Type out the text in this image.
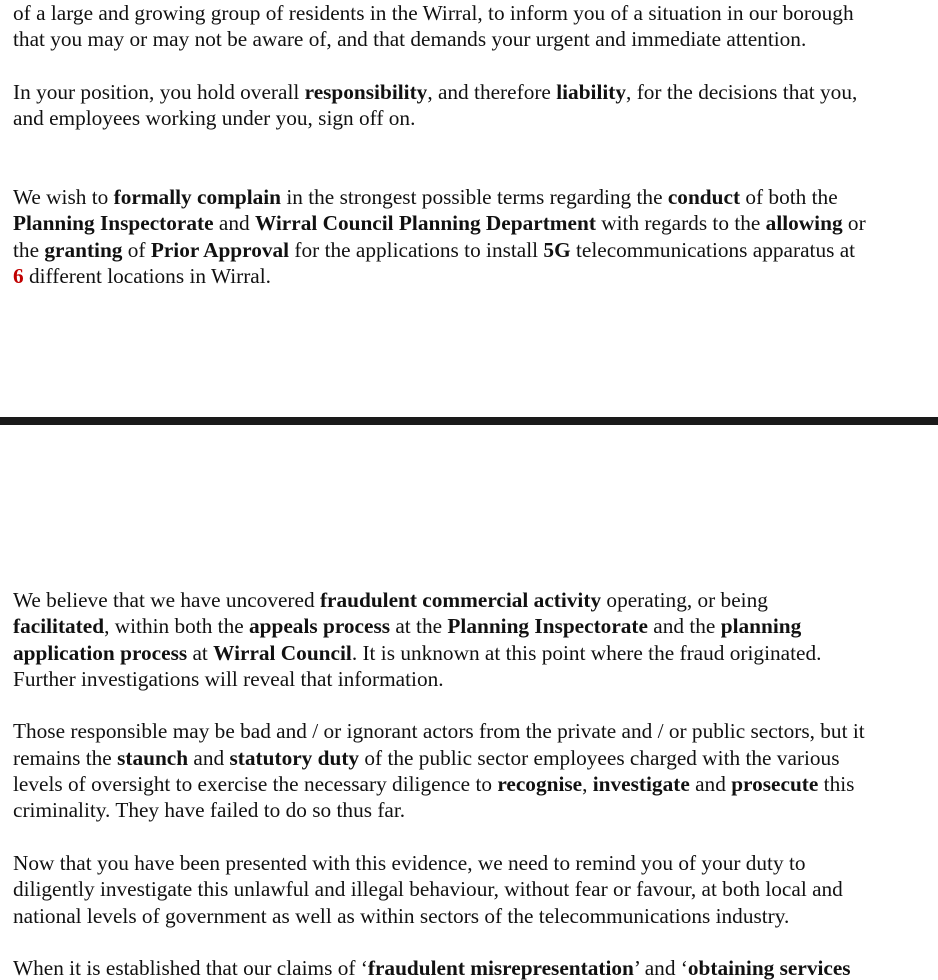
of a large and growing group of residents in the Wirral, to inform you of a situation in our borough
that you may or may not be aware of, and that demands your urgent and immediate attention.

In your position, you hold overall responsibility, and therefore liability, for the decisions that you,
and employees working under you, sign off on.

We wish to formally complain in the strongest possible terms regarding the conduct of both the
Planning Inspectorate and Wirral Council Planning Department with regards to the allowing or
the granting of Prior Approval for the applications to install 5G telecommunications apparatus at
6 different locations in Wirral.

We believe that we have uncovered fraudulent commercial activity operating, or being
facilitated, within both the appeals process at the Planning Inspectorate and the planning
application process at Wirral Council. It is unknown at this point where the fraud originated.
Further investigations will reveal that information.

Those responsible may be bad and / or ignorant actors from the private and / or public sectors, but it
remains the staunch and statutory duty of the public sector employees charged with the various
levels of oversight to exercise the necessary diligence to recognise, investigate and prosecute this
criminality. They have failed to do so thus far.

Now that you have been presented with this evidence, we need to remind you of your duty to
diligently investigate this unlawful and illegal behaviour, without fear or favour, at both local and
national levels of government as well as within sectors of the telecommunications industry.

When it is established that our claims of ‘fraudulent misrepresentation’ and ‘obtaining services
